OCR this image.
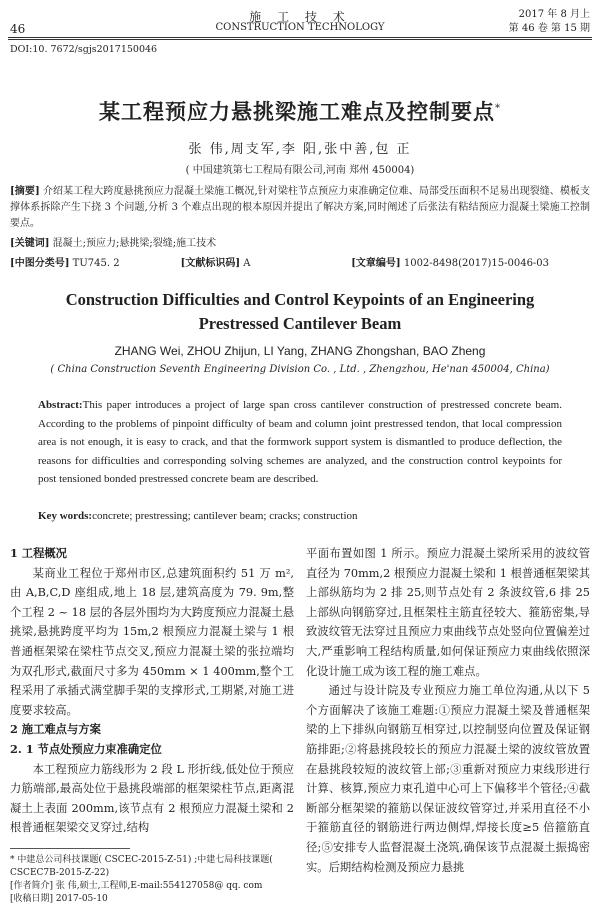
施 工 技 术
46	CONSTRUCTION TECHNOLOGY
2017 年 8 月上
第 46 卷 第 15 期
DOI:10. 7672/sgjs2017150046
某工程预应力悬挑梁施工难点及控制要点*
张 伟,周支军,李 阳,张中善,包 正
( 中国建筑第七工程局有限公司,河南 郑州 450004)
[摘要] 介绍某工程大跨度悬挑预应力混凝土梁施工概况,针对梁柱节点预应力束准确定位难、局部受压面积不足易出现裂缝、模板支撑体系拆除产生下挠 3 个问题,分析 3 个难点出现的根本原因并提出了解决方案,同时阐述了后张法有粘结预应力混凝土梁施工控制要点。
[关键词] 混凝土;预应力;悬挑梁;裂缝;施工技术
[中图分类号] TU745. 2	[文献标识码] A	[文章编号] 1002-8498(2017)15-0046-03
Construction Difficulties and Control Keypoints of an Engineering Prestressed Cantilever Beam
ZHANG Wei, ZHOU Zhijun, LI Yang, ZHANG Zhongshan, BAO Zheng
( China Construction Seventh Engineering Division Co. , Ltd. , Zhengzhou, He'nan 450004, China)
Abstract:This paper introduces a project of large span cross cantilever construction of prestressed concrete beam. According to the problems of pinpoint difficulty of beam and column joint prestressed tendon, that local compression area is not enough, it is easy to crack, and that the formwork support system is dismantled to produce deflection, the reasons for difficulties and corresponding solving schemes are analyzed, and the construction control keypoints for post tensioned bonded prestressed concrete beam are described.
Key words:concrete; prestressing; cantilever beam; cracks; construction

1 工程概况

某商业工程位于郑州市区,总建筑面积约 51 万 m²,由 A,B,C,D 座组成,地上 18 层,建筑高度为 79. 9m,整个工程 2 ~ 18 层的各层外围均为大跨度预应力混凝土悬挑梁,悬挑跨度平均为 15m,2 根预应力混凝土梁与 1 根普通框架梁在梁柱节点交叉,预应力混凝土梁的张拉端均为双孔形式,截面尺寸多为 450mm × 1 400mm,整个工程采用了承插式满堂脚手架的支撑形式,工期紧,对施工进度要求较高。

2 施工难点与方案

2. 1 节点处预应力束准确定位

本工程预应力筋线形为 2 段 L 形折线,低处位于预应力筋端部,最高处位于悬挑段端部的框架梁柱节点,距离混凝土上表面 200mm,该节点有 2 根预应力混凝土梁和 2 根普通框架梁交叉穿过,结构

平面布置如图 1 所示。预应力混凝土梁所采用的波纹管直径为 70mm,2 根预应力混凝土梁和 1 根普通框架梁其上部纵筋均为 2 排 25,则节点处有 2 条波纹管,6 排 25 上部纵向钢筋穿过,且框架柱主筋直径较大、箍筋密集,导致波纹管无法穿过且预应力束曲线节点处竖向位置偏差过大,严重影响工程结构质量,如何保证预应力束曲线依照深化设计施工成为该工程的施工难点。

通过与设计院及专业预应力施工单位沟通,从以下 5 个方面解决了该施工难题:①预应力混凝土梁及普通框架梁的上下排纵向钢筋互相穿过,以控制竖向位置及保证钢筋排距;②将悬挑段较长的预应力混凝土梁的波纹管放置在悬挑段较短的波纹管上部;③重新对预应力束线形进行计算、核算,预应力束孔道中心可上下偏移半个管径;④截断部分框架梁的箍筋以保证波纹管穿过,并采用直径不小于箍筋直径的钢筋进行两边侧焊,焊接长度≥5 倍箍筋直径;⑤安排专人监督混凝土浇筑,确保该节点混凝土振捣密实。后期结构检测及预应力悬挑

* 中建总公司科技课题( CSCEC-2015-Z-51) ;中建七局科技课题( CSCEC7B-2015-Z-22)
[作者简介] 张 伟,硕士,工程师,E-mail:554127058@ qq. com
[收稿日期] 2017-05-10
